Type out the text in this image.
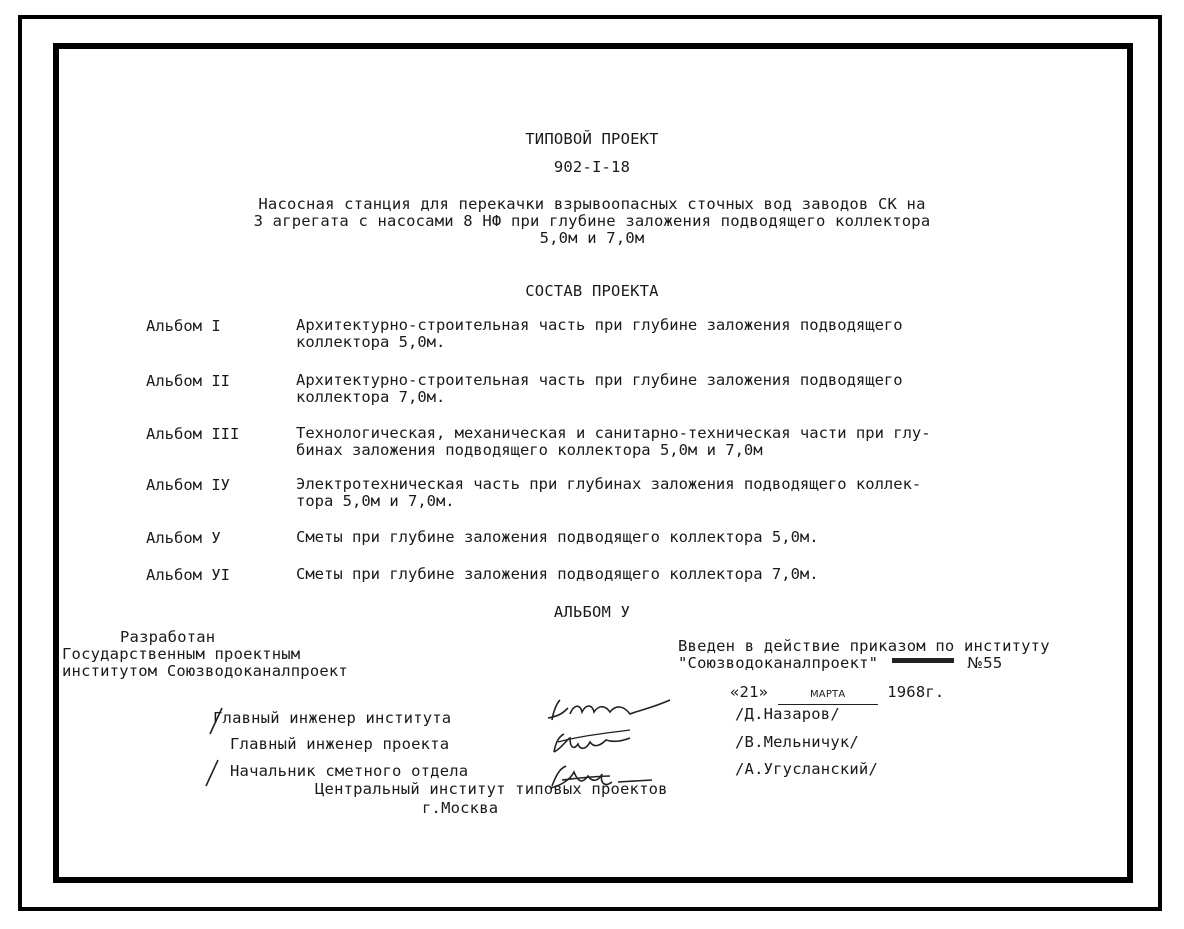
ТИПОВОЙ ПРОЕКТ
902-I-18
Насосная станция для перекачки взрывоопасных сточных вод заводов СК на
3 агрегата с насосами 8 НФ при глубине заложения подводящего коллектора
5,0м и 7,0м
СОСТАВ ПРОЕКТА
Альбом I	Архитектурно-строительная часть при глубине заложения подводящего
коллектора 5,0м.
Альбом II	Архитектурно-строительная часть при глубине заложения подводящего
коллектора 7,0м.
Альбом III	Технологическая, механическая и санитарно-техническая части при глу-
бинах заложения подводящего коллектора 5,0м и 7,0м
Альбом IУ	Электротехническая часть при глубинах заложения подводящего коллек-
тора 5,0м и 7,0м.
Альбом У	Сметы при глубине заложения подводящего коллектора 5,0м.
Альбом УI	Сметы при глубине заложения подводящего коллектора 7,0м.
АЛЬБОМ У
Разработан
Государственным проектным
институтом Союзводоканалпроект
Введен в действие приказом по институту
"Союзводоканалпроект"	№55
«21»	МАРТА	1968г.
Главный инженер института	/Д.Назаров/
Главный инженер проекта	/В.Мельничук/
Начальник сметного отдела	/А.Угусланский/
Центральный институт типовых проектов
г.Москва
